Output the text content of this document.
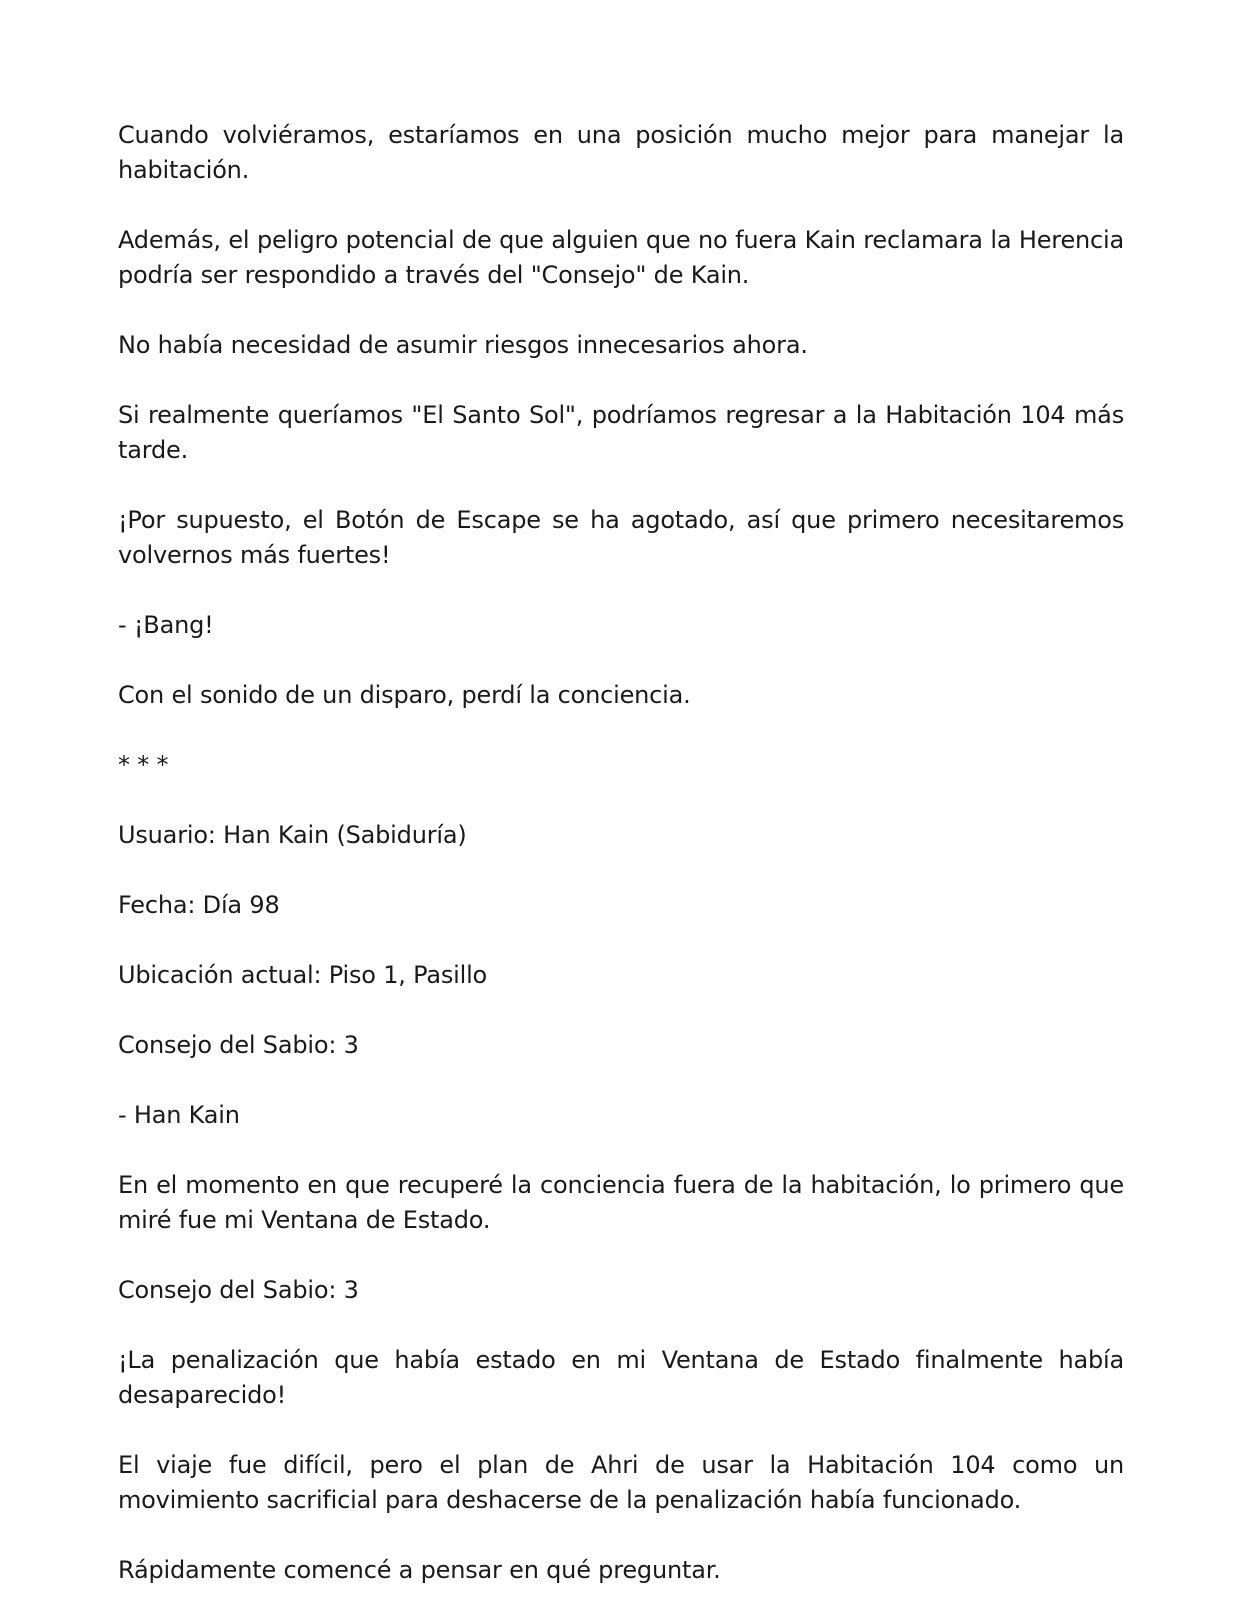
Cuando volviéramos, estaríamos en una posición mucho mejor para manejar la habitación.

Además, el peligro potencial de que alguien que no fuera Kain reclamara la Herencia podría ser respondido a través del "Consejo" de Kain.

No había necesidad de asumir riesgos innecesarios ahora.

Si realmente queríamos "El Santo Sol", podríamos regresar a la Habitación 104 más tarde.

¡Por supuesto, el Botón de Escape se ha agotado, así que primero necesitaremos volvernos más fuertes!

- ¡Bang!

Con el sonido de un disparo, perdí la conciencia.

* * *

Usuario: Han Kain (Sabiduría)

Fecha: Día 98

Ubicación actual: Piso 1, Pasillo

Consejo del Sabio: 3

- Han Kain

En el momento en que recuperé la conciencia fuera de la habitación, lo primero que miré fue mi Ventana de Estado.

Consejo del Sabio: 3

¡La penalización que había estado en mi Ventana de Estado finalmente había desaparecido!

El viaje fue difícil, pero el plan de Ahri de usar la Habitación 104 como un movimiento sacrificial para deshacerse de la penalización había funcionado.

Rápidamente comencé a pensar en qué preguntar.
